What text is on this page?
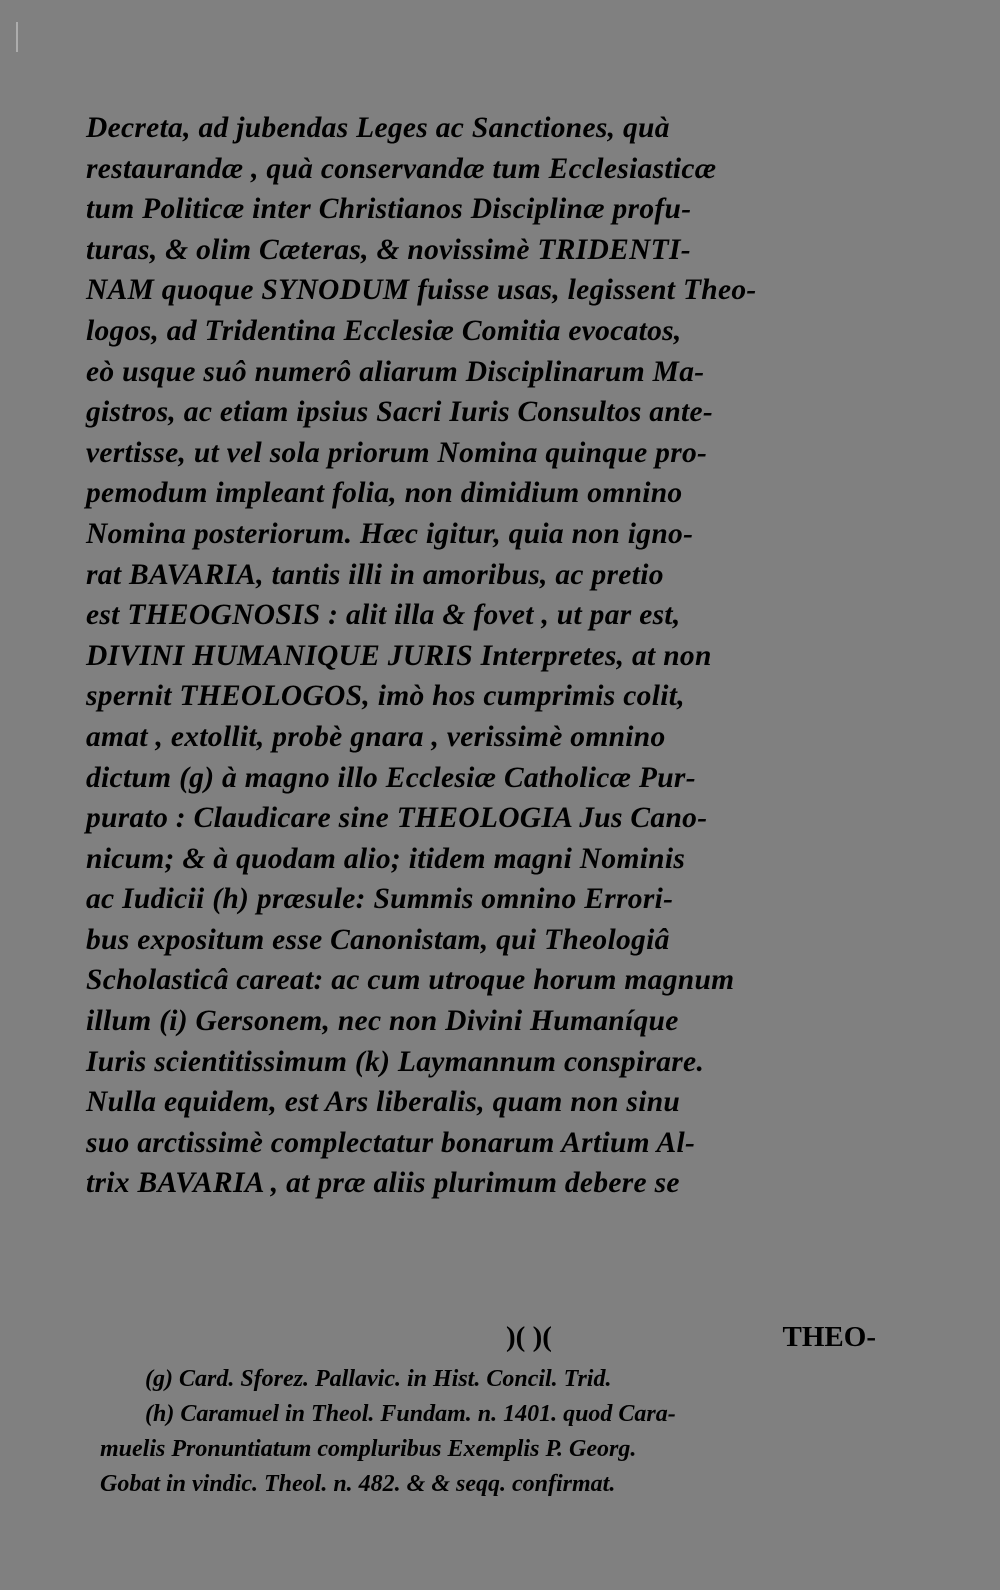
Decreta, ad jubendas Leges ac Sanctiones, quà
restaurandæ , quà conservandæ tum Ecclesiasticæ
tum Politicæ inter Christianos Disciplinæ profu-
turas, & olim Cæteras, & novissimè TRIDENTI-
NAM quoque SYNODUM fuisse usas, legissent Theo-
logos, ad Tridentina Ecclesiæ Comitia evocatos,
eò usque suô numerô aliarum Disciplinarum Ma-
gistros, ac etiam ipsius Sacri Iuris Consultos ante-
vertisse, ut vel sola priorum Nomina quinque pro-
pemodum impleant folia, non dimidium omnino
Nomina posteriorum. Hæc igitur, quia non igno-
rat BAVARIA, tantis illi in amoribus, ac pretio
est THEOGNOSIS : alit illa & fovet , ut par est,
DIVINI HUMANIQUE JURIS Interpretes, at non
spernit THEOLOGOS, imò hos cumprimis colit,
amat , extollit, probè gnara , verissimè omnino
dictum (g) à magno illo Ecclesiæ Catholicæ Pur-
purato : Claudicare sine THEOLOGIA Jus Cano-
nicum; & à quodam alio; itidem magni Nominis
ac Iudicii (h) præsule: Summis omnino Errori-
bus expositum esse Canonistam, qui Theologiâ
Scholasticâ careat: ac cum utroque horum magnum
illum (i) Gersonem, nec non Divini Humaníque
Iuris scientitissimum (k) Laymannum conspirare.
Nulla equidem, est Ars liberalis, quam non sinu
suo arctissimè complectatur bonarum Artium Al-
trix BAVARIA , at præ aliis plurimum debere se
)( )(	THEO-
(g) Card. Sforez. Pallavic. in Hist. Concil. Trid.
(h) Caramuel in Theol. Fundam. n. 1401. quod Cara-
muelis Pronuntiatum compluribus Exemplis P. Georg.
Gobat in vindic. Theol. n. 482. & & seqq. confirmat.
